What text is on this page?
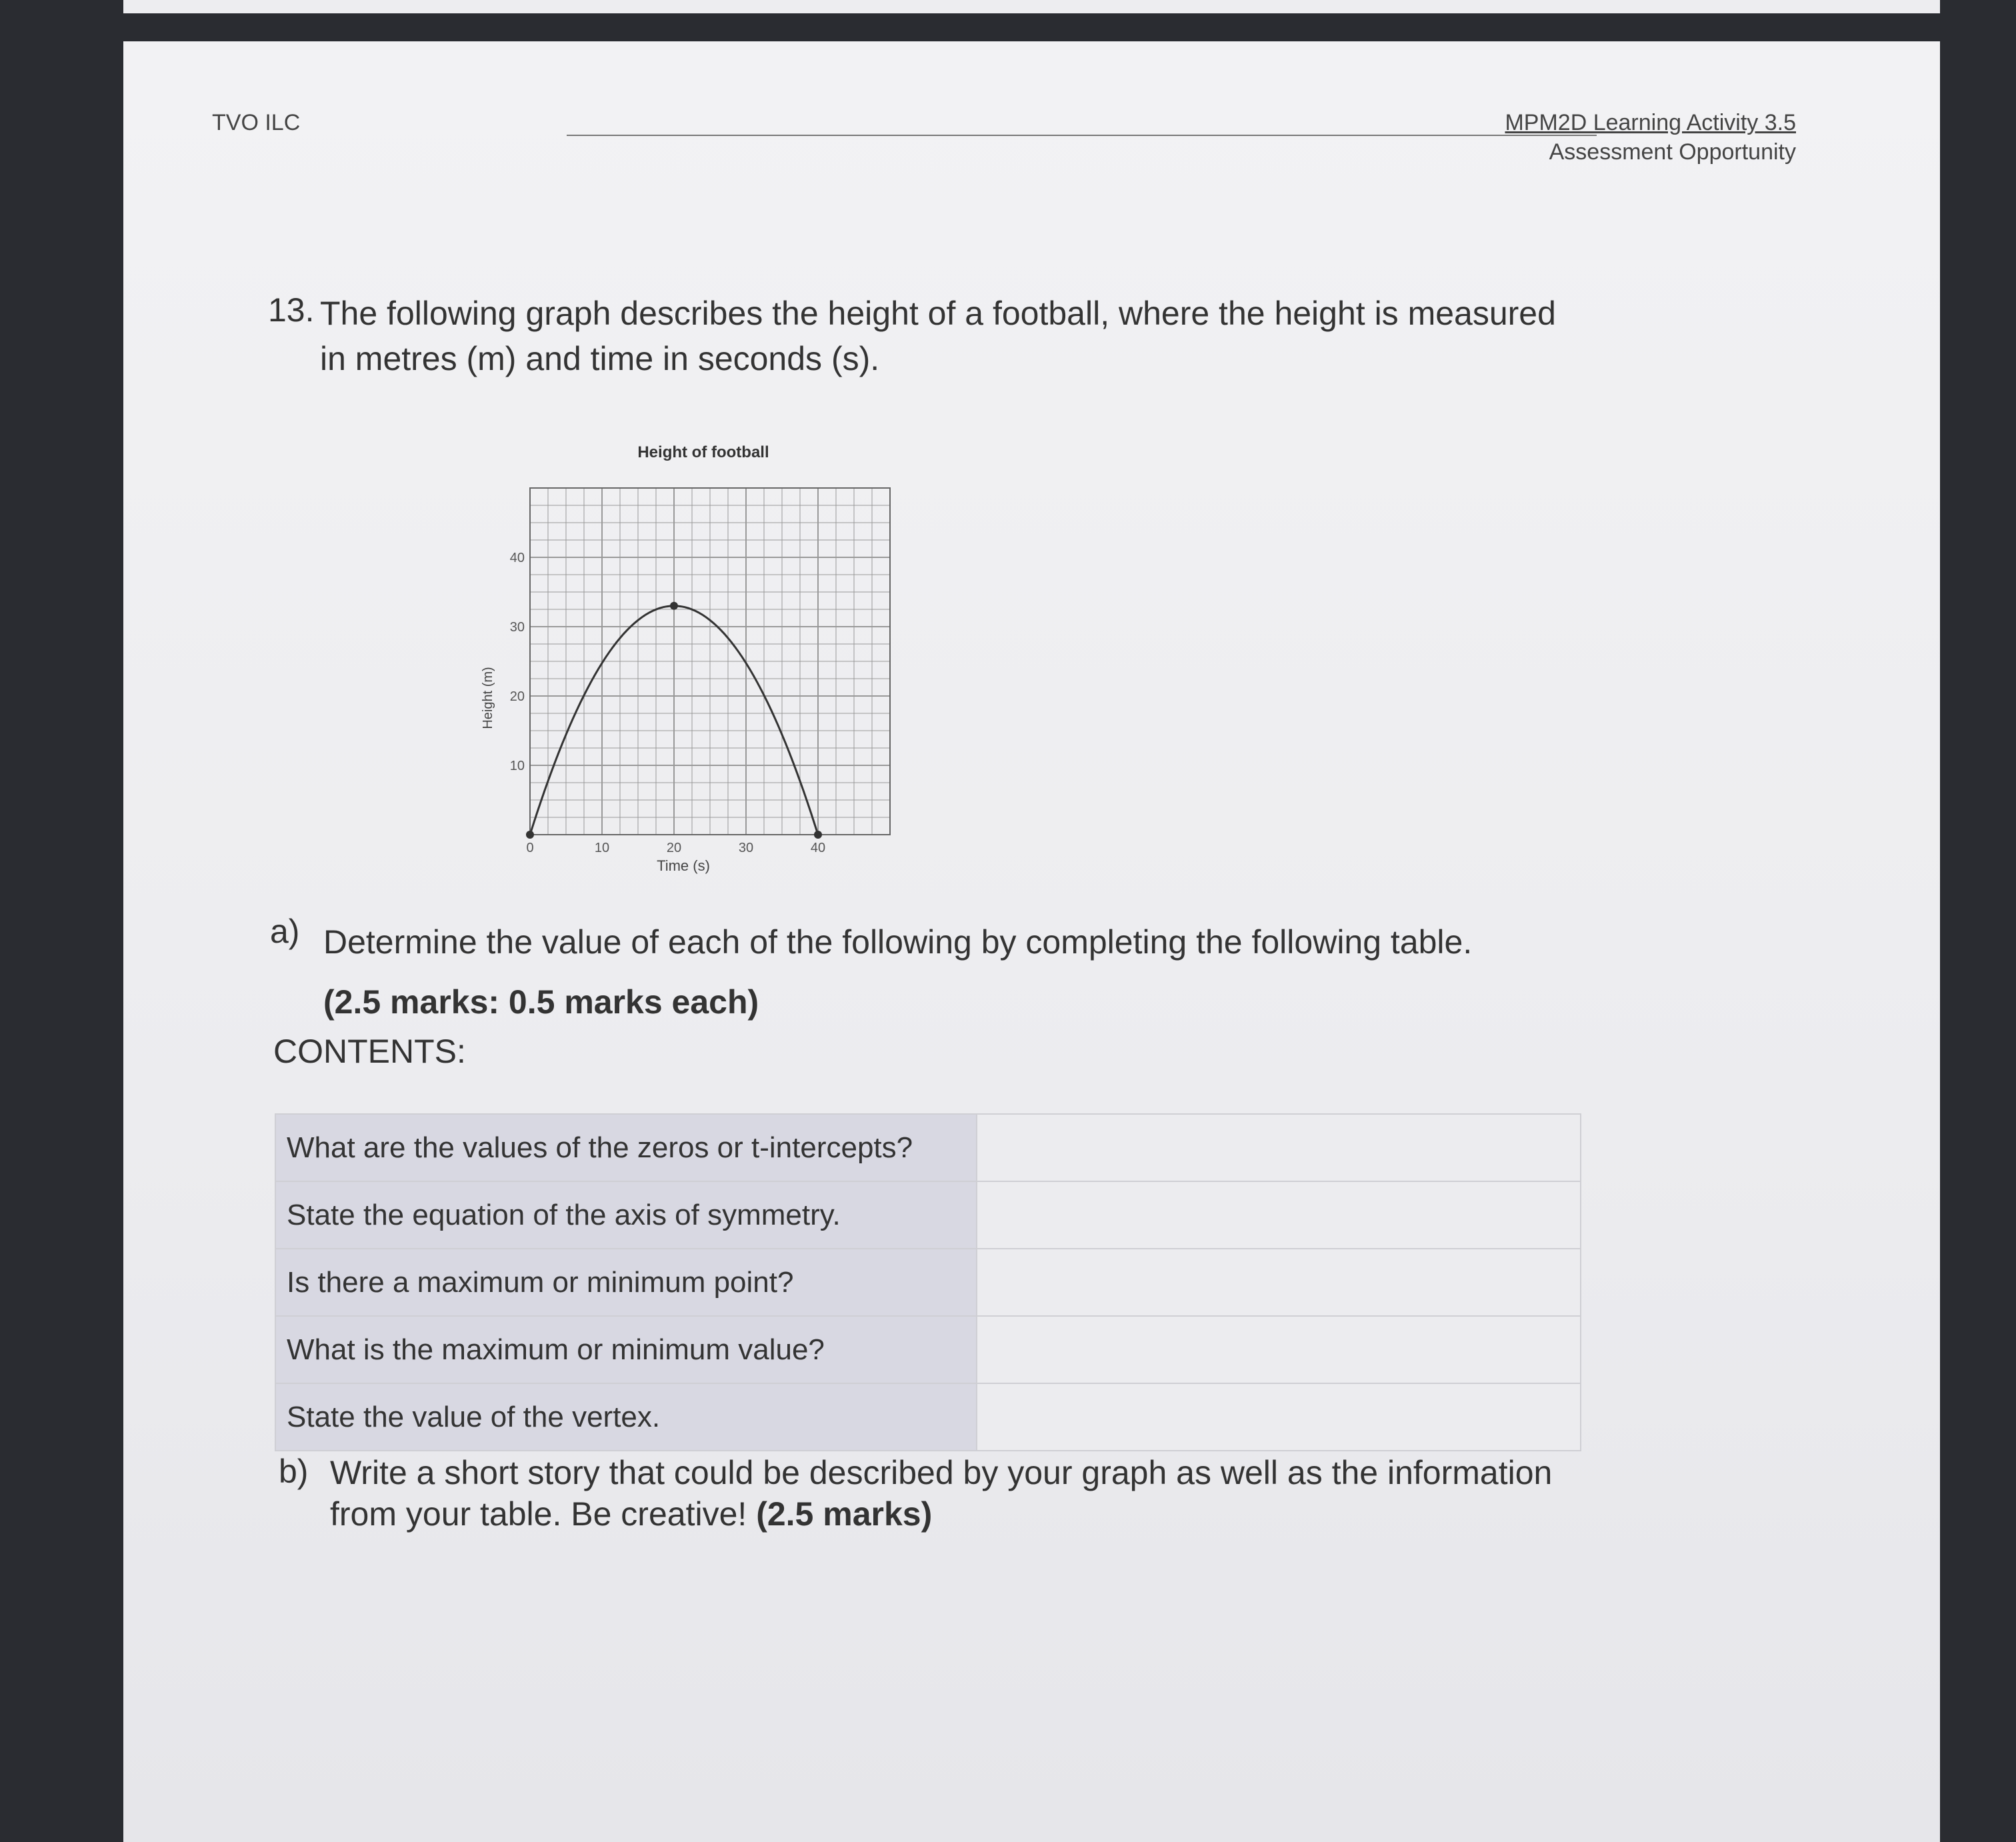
TVO ILC	MPM2D Learning Activity 3.5
Assessment Opportunity
13. The following graph describes the height of a football, where the height is measured in metres (m) and time in seconds (s).
Height of football
Time (s)
Height (m)
0	10	20	30	40
10
20
30
40
a) Determine the value of each of the following by completing the following table.
(2.5 marks: 0.5 marks each)
CONTENTS:
What are the values of the zeros or t-intercepts?	
State the equation of the axis of symmetry.	
Is there a maximum or minimum point?	
What is the maximum or minimum value?	
State the value of the vertex.	
b) Write a short story that could be described by your graph as well as the information from your table. Be creative! (2.5 marks)
